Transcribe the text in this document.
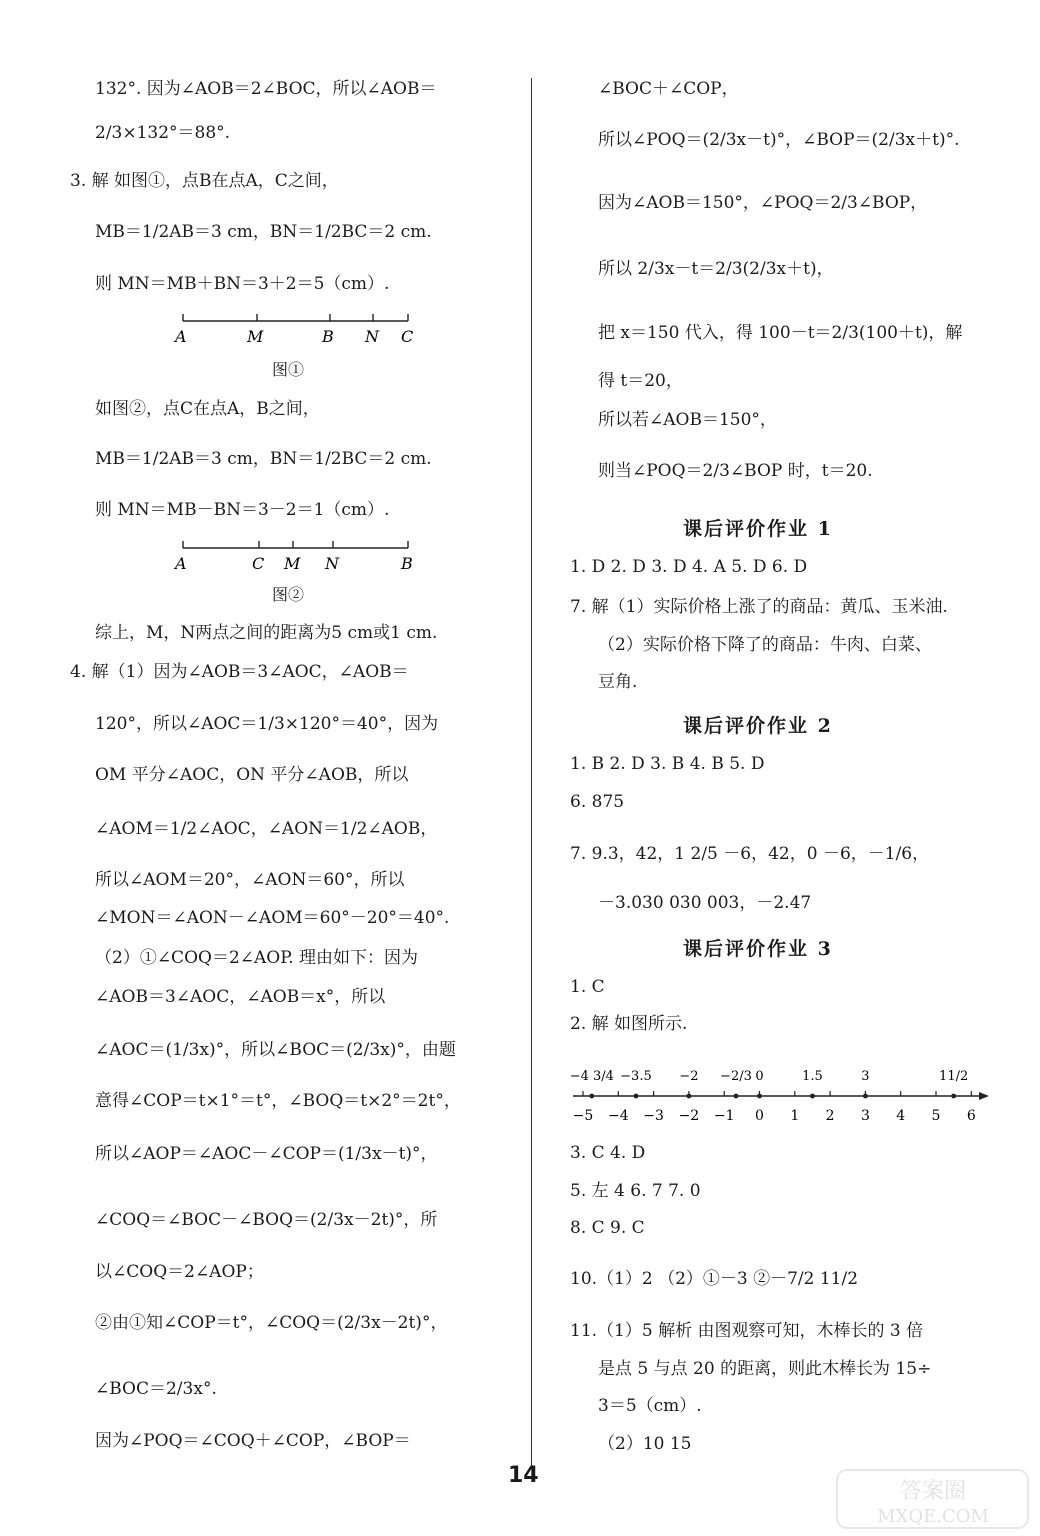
132°. 因为∠AOB＝2∠BOC，所以∠AOB＝
2/3×132°＝88°.
3. 解 如图①，点B在点A，C之间，
MB＝1/2AB＝3 cm，BN＝1/2BC＝2 cm.
则 MN＝MB＋BN＝3＋2＝5（cm）.
A	M	B N C
图①
如图②，点C在点A，B之间，
MB＝1/2AB＝3 cm，BN＝1/2BC＝2 cm.
则 MN＝MB－BN＝3－2＝1（cm）.
A	C M N	B
图②
综上，M，N两点之间的距离为5 cm或1 cm.
4. 解（1）因为∠AOB＝3∠AOC，∠AOB＝
120°，所以∠AOC＝1/3×120°＝40°，因为
OM 平分∠AOC，ON 平分∠AOB，所以
∠AOM＝1/2∠AOC，∠AON＝1/2∠AOB，
所以∠AOM＝20°，∠AON＝60°，所以
∠MON＝∠AON－∠AOM＝60°－20°＝40°.
（2）①∠COQ＝2∠AOP. 理由如下：因为
∠AOB＝3∠AOC，∠AOB＝x°，所以
∠AOC＝(1/3x)°，所以∠BOC＝(2/3x)°，由题
意得∠COP＝t×1°＝t°，∠BOQ＝t×2°＝2t°，
所以∠AOP＝∠AOC－∠COP＝(1/3x－t)°，
∠COQ＝∠BOC－∠BOQ＝(2/3x－2t)°，所
以∠COQ＝2∠AOP；
②由①知∠COP＝t°，∠COQ＝(2/3x－2t)°，
∠BOC＝2/3x°.
因为∠POQ＝∠COQ＋∠COP，∠BOP＝
∠BOC＋∠COP，
所以∠POQ＝(2/3x－t)°，∠BOP＝(2/3x＋t)°.
因为∠AOB＝150°，∠POQ＝2/3∠BOP，
所以 2/3x－t＝2/3(2/3x＋t)，
把 x＝150 代入，得 100－t＝2/3(100＋t)，解
得 t＝20，
所以若∠AOB＝150°，
则当∠POQ＝2/3∠BOP 时，t＝20.
课后评价作业 1
1. D 2. D 3. D 4. A 5. D 6. D
7. 解（1）实际价格上涨了的商品：黄瓜、玉米油.
（2）实际价格下降了的商品：牛肉、白菜、
豆角.
课后评价作业 2
1. B 2. D 3. B 4. B 5. D
6. 875
7. 9.3，42，1 2/5 －6，42，0 －6，－1/6，
－3.030 030 003，－2.47
课后评价作业 3
1. C
2. 解 如图所示.
−5 −4 −3 −2 −1 0 1 2 3 4 5 6
−4 3/4 −3.5 −2 −2/3 0	1.5	3	11/2
3. C 4. D
5. 左 4 6. 7 7. 0
8. C 9. C
10.（1）2 （2）①－3 ②－7/2 11/2
11.（1）5 解析 由图观察可知，木棒长的 3 倍
是点 5 与点 20 的距离，则此木棒长为 15÷
3＝5（cm）.
（2）10 15
14
答案圈
MXQE.COM
